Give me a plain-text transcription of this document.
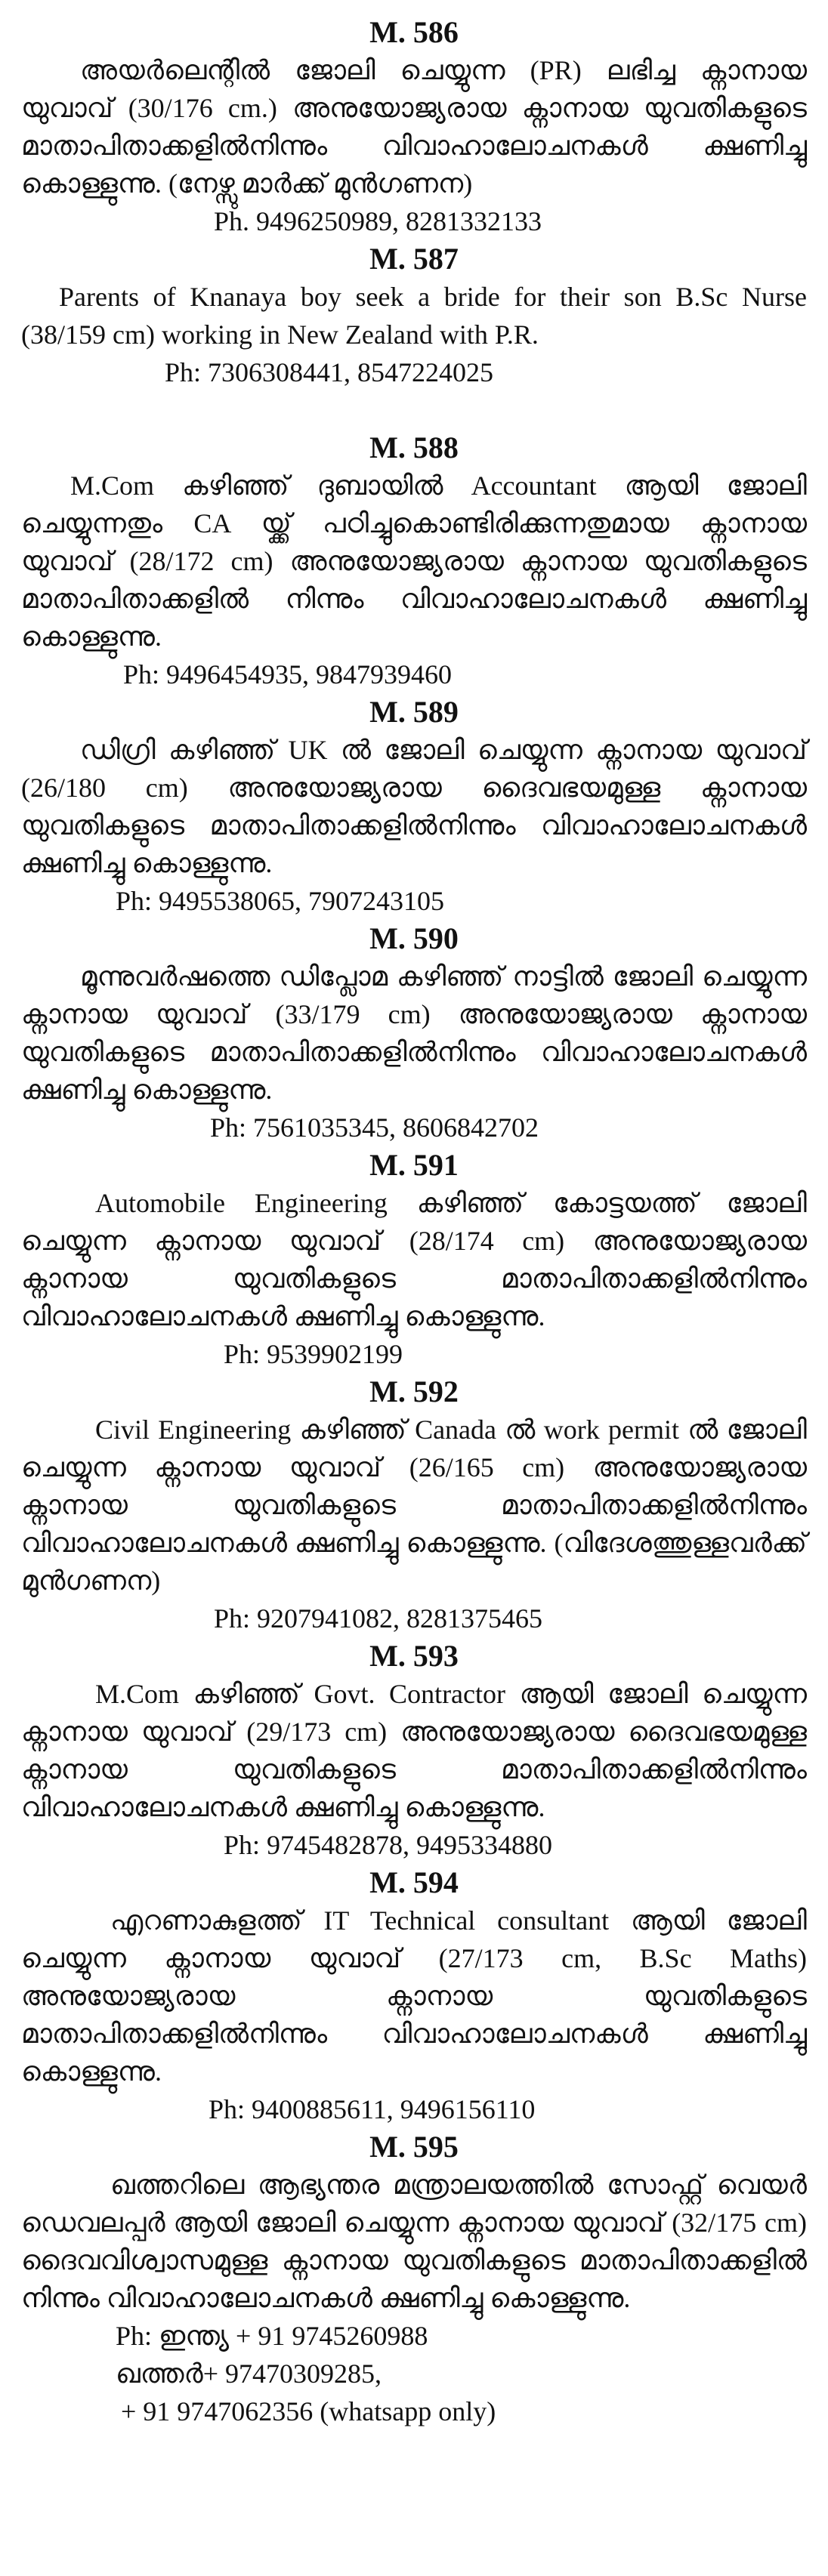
M. 586

അയർലെന്റിൽ ജോലി ചെയ്യുന്ന (PR) ലഭിച്ച ക്നാനായ യുവാവ് (30/176 cm.) അനുയോജ്യരായ ക്നാനായ യുവതികളുടെ മാതാപിതാക്കളിൽനിന്നും വിവാഹാലോചനകൾ ക്ഷണിച്ചു കൊള്ളുന്നു. (നേഴ്സു മാർക്ക് മുൻഗണന)

Ph. 9496250989, 8281332133

M. 587

Parents of Knanaya boy seek a bride for their son B.Sc Nurse (38/159 cm) working in New Zealand with P.R.

Ph: 7306308441, 8547224025

M. 588

M.Com കഴിഞ്ഞ് ദുബായിൽ Accountant ആയി ജോലി ചെയ്യുന്നതും CA യ്ക്ക് പഠിച്ചുകൊണ്ടിരിക്കുന്നതുമായ ക്നാനായ യുവാവ് (28/172 cm) അനുയോജ്യരായ ക്നാനായ യുവതികളുടെ മാതാപിതാക്കളിൽ നിന്നും വിവാഹാലോചനകൾ ക്ഷണിച്ചു കൊള്ളുന്നു.

Ph: 9496454935, 9847939460

M. 589

ഡിഗ്രി കഴിഞ്ഞ് UK ൽ ജോലി ചെയ്യുന്ന ക്നാനായ യുവാവ് (26/180 cm) അനുയോജ്യരായ ദൈവഭയമുള്ള ക്നാനായ യുവതികളുടെ മാതാപിതാക്കളിൽനിന്നും വിവാഹാലോചനകൾ ക്ഷണിച്ചു കൊള്ളുന്നു.

Ph: 9495538065, 7907243105

M. 590

മൂന്നുവർഷത്തെ ഡിപ്ലോമ കഴിഞ്ഞ് നാട്ടിൽ ജോലി ചെയ്യുന്ന ക്നാനായ യുവാവ് (33/179 cm) അനുയോജ്യരായ ക്നാനായ യുവതികളുടെ മാതാപിതാക്കളിൽനിന്നും വിവാഹാലോചനകൾ ക്ഷണിച്ചു കൊള്ളുന്നു.

Ph: 7561035345, 8606842702

M. 591

Automobile Engineering കഴിഞ്ഞ് കോട്ടയത്ത് ജോലി ചെയ്യുന്ന ക്നാനായ യുവാവ് (28/174 cm) അനുയോജ്യരായ ക്നാനായ യുവതികളുടെ മാതാപിതാക്കളിൽനിന്നും വിവാഹാലോചനകൾ ക്ഷണിച്ചു കൊള്ളുന്നു.

Ph: 9539902199

M. 592

Civil Engineering കഴിഞ്ഞ് Canada ൽ work permit ൽ ജോലി ചെയ്യുന്ന ക്നാനായ യുവാവ് (26/165 cm) അനുയോജ്യരായ ക്നാനായ യുവതികളുടെ മാതാപിതാക്കളിൽനിന്നും വിവാഹാലോചനകൾ ക്ഷണിച്ചു കൊള്ളുന്നു. (വിദേശത്തുള്ളവർക്ക് മുൻഗണന)

Ph: 9207941082, 8281375465

M. 593

M.Com കഴിഞ്ഞ് Govt. Contractor ആയി ജോലി ചെയ്യുന്ന ക്നാനായ യുവാവ് (29/173 cm) അനുയോജ്യരായ ദൈവഭയമുള്ള ക്നാനായ യുവതികളുടെ മാതാപിതാക്കളിൽനിന്നും വിവാഹാലോചനകൾ ക്ഷണിച്ചു കൊള്ളുന്നു.

Ph: 9745482878, 9495334880

M. 594

എറണാകുളത്ത് IT Technical consultant ആയി ജോലി ചെയ്യുന്ന ക്നാനായ യുവാവ് (27/173 cm, B.Sc Maths) അനുയോജ്യരായ ക്നാനായ യുവതികളുടെ മാതാപിതാക്കളിൽനിന്നും വിവാഹാലോചനകൾ ക്ഷണിച്ചു കൊള്ളുന്നു.

Ph: 9400885611, 9496156110

M. 595

ഖത്തറിലെ ആഭ്യന്തര മന്ത്രാലയത്തിൽ സോഫ്റ്റ് വെയർ ഡെവലപ്പർ ആയി ജോലി ചെയ്യുന്ന ക്നാനായ യുവാവ് (32/175 cm) ദൈവവിശ്വാസമുള്ള ക്നാനായ യുവതികളുടെ മാതാപിതാക്കളിൽ നിന്നും വിവാഹാലോചനകൾ ക്ഷണിച്ചു കൊള്ളുന്നു.

Ph: ഇന്ത്യ + 91 9745260988

ഖത്തർ+ 97470309285,

+ 91 9747062356 (whatsapp only)
